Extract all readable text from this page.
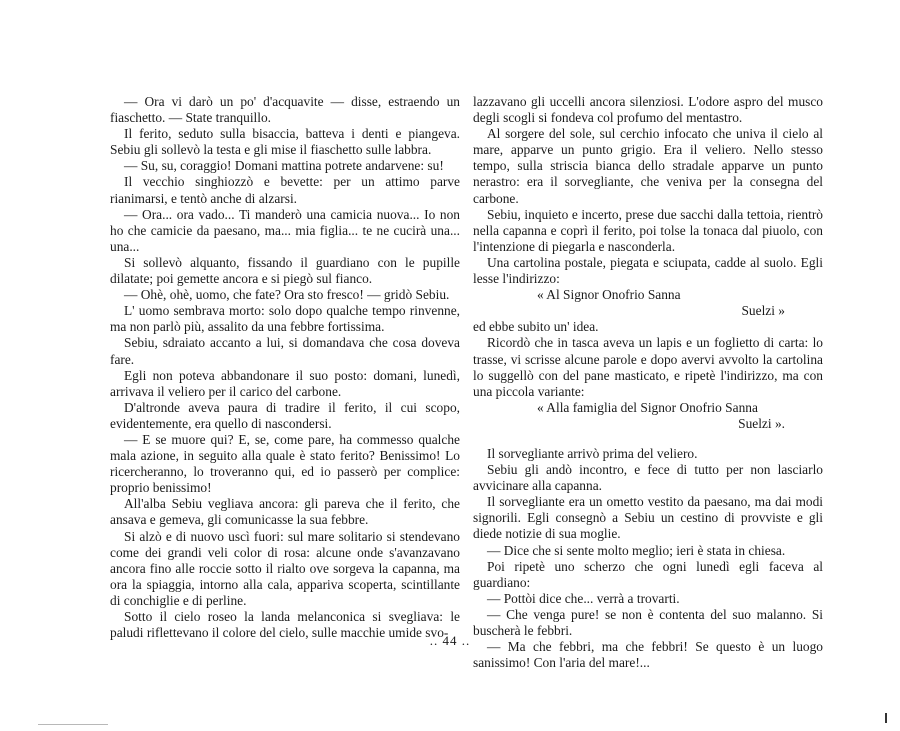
— Ora vi darò un po' d'acquavite — disse, estraendo un fiaschetto. — State tranquillo.

Il ferito, seduto sulla bisaccia, batteva i denti e piangeva. Sebiu gli sollevò la testa e gli mise il fiaschetto sulle labbra.

— Su, su, coraggio! Domani mattina potrete andarvene: su!

Il vecchio singhiozzò e bevette: per un attimo parve rianimarsi, e tentò anche di alzarsi.

— Ora... ora vado... Ti manderò una camicia nuova... Io non ho che camicie da paesano, ma... mia figlia... te ne cucirà una... una...

Si sollevò alquanto, fissando il guardiano con le pupille dilatate; poi gemette ancora e si piegò sul fianco.

— Ohè, ohè, uomo, che fate? Ora sto fresco! — gridò Sebiu.

L' uomo sembrava morto: solo dopo qualche tempo rinvenne, ma non parlò più, assalito da una febbre fortissima.

Sebiu, sdraiato accanto a lui, si domandava che cosa doveva fare.

Egli non poteva abbandonare il suo posto: domani, lunedì, arrivava il veliero per il carico del carbone.

D'altronde aveva paura di tradire il ferito, il cui scopo, evidentemente, era quello di nascondersi.

— E se muore qui? E, se, come pare, ha commesso qualche mala azione, in seguito alla quale è stato ferito? Benissimo! Lo ricercheranno, lo troveranno qui, ed io passerò per complice: proprio benissimo!

All'alba Sebiu vegliava ancora: gli pareva che il ferito, che ansava e gemeva, gli comunicasse la sua febbre.

Si alzò e di nuovo uscì fuori: sul mare solitario si stendevano come dei grandi veli color di rosa: alcune onde s'avanzavano ancora fino alle roccie sotto il rialto ove sorgeva la capanna, ma ora la spiaggia, intorno alla cala, appariva scoperta, scintillante di conchiglie e di perline.

Sotto il cielo roseo la landa melanconica si svegliava: le paludi riflettevano il colore del cielo, sulle macchie umide svo-

lazzavano gli uccelli ancora silenziosi. L'odore aspro del musco degli scogli si fondeva col profumo del mentastro.

Al sorgere del sole, sul cerchio infocato che univa il cielo al mare, apparve un punto grigio. Era il veliero. Nello stesso tempo, sulla striscia bianca dello stradale apparve un punto nerastro: era il sorvegliante, che veniva per la consegna del carbone.

Sebiu, inquieto e incerto, prese due sacchi dalla tettoia, rientrò nella capanna e coprì il ferito, poi tolse la tonaca dal piuolo, con l'intenzione di piegarla e nasconderla.

Una cartolina postale, piegata e sciupata, cadde al suolo. Egli lesse l'indirizzo:

« Al Signor Onofrio Sanna

Suelzi »

ed ebbe subito un' idea.

Ricordò che in tasca aveva un lapis e un foglietto di carta: lo trasse, vi scrisse alcune parole e dopo avervi avvolto la cartolina lo suggellò con del pane masticato, e ripetè l'indirizzo, ma con una piccola variante:

« Alla famiglia del Signor Onofrio Sanna

Suelzi ».

Il sorvegliante arrivò prima del veliero.

Sebiu gli andò incontro, e fece di tutto per non lasciarlo avvicinare alla capanna.

Il sorvegliante era un ometto vestito da paesano, ma dai modi signorili. Egli consegnò a Sebiu un cestino di provviste e gli diede notizie di sua moglie.

— Dice che si sente molto meglio; ieri è stata in chiesa.

Poi ripetè uno scherzo che ogni lunedì egli faceva al guardiano:

— Pottòi dice che... verrà a trovarti.

— Che venga pure! se non è contenta del suo malanno. Si buscherà le febbri.

— Ma che febbri, ma che febbri! Se questo è un luogo sanissimo! Con l'aria del mare!...

.. 44 ..
